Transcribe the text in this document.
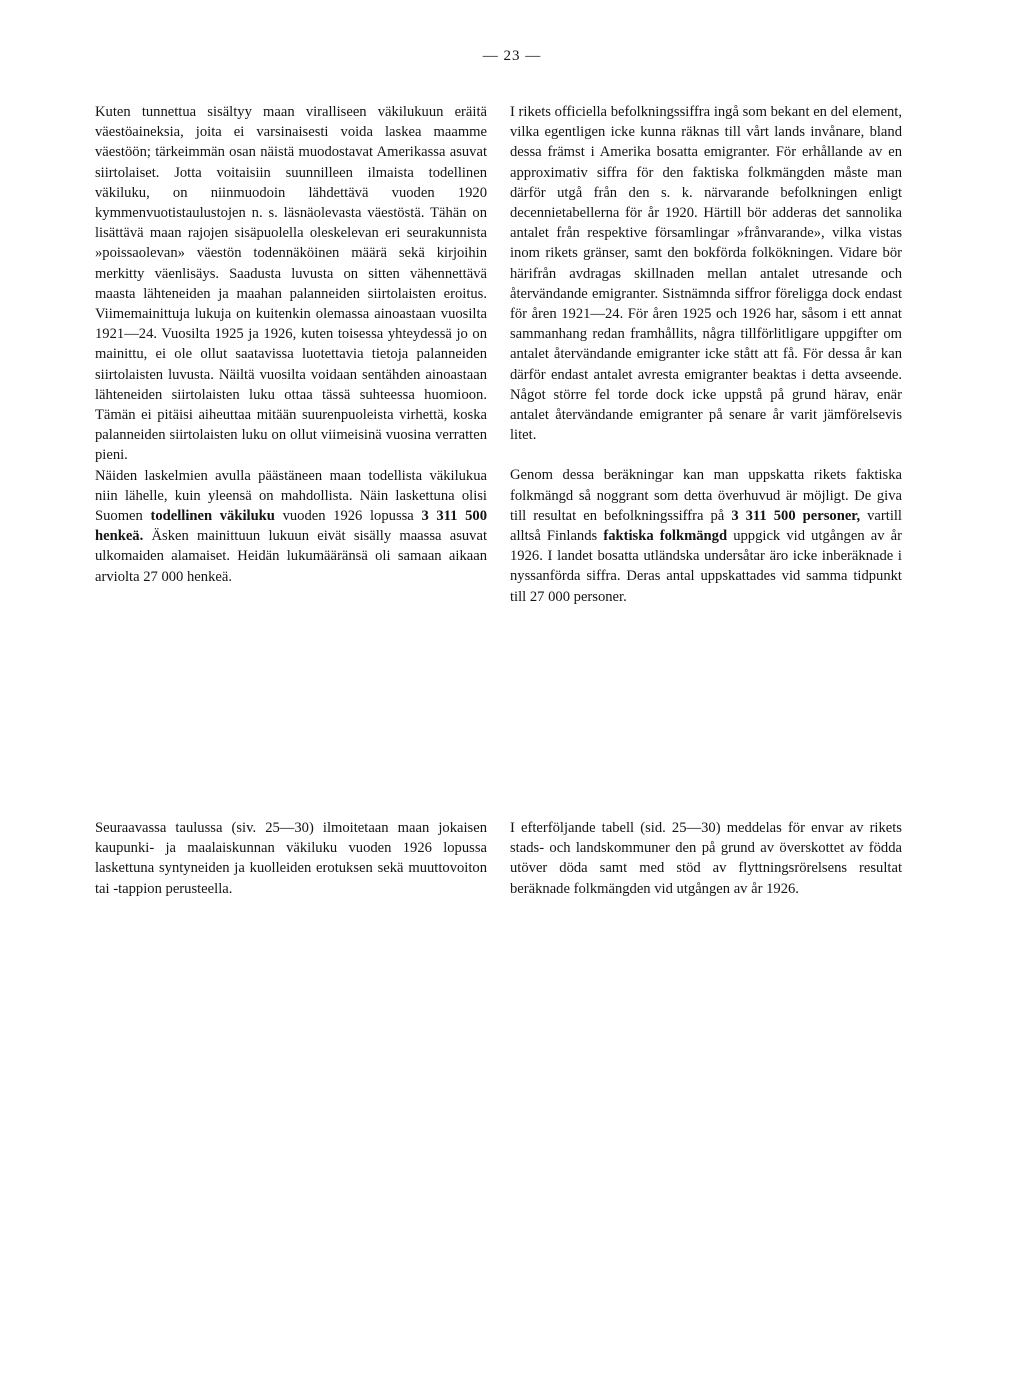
— 23 —

Kuten tunnettua sisältyy maan viralliseen väkilukuun eräitä väestöaineksia, joita ei varsinaisesti voida laskea maamme väestöön; tärkeimmän osan näistä muodostavat Amerikassa asuvat siirtolaiset. Jotta voitaisiin suunnilleen ilmaista todellinen väkiluku, on niinmuodoin lähdettävä vuoden 1920 kymmenvuotistaulustojen n. s. läsnäolevasta väestöstä. Tähän on lisättävä maan rajojen sisäpuolella oleskelevan eri seurakunnista »poissaolevan» väestön todennäköinen määrä sekä kirjoihin merkitty väenlisäys. Saadusta luvusta on sitten vähennettävä maasta lähteneiden ja maahan palanneiden siirtolaisten eroitus. Viimemainittuja lukuja on kuitenkin olemassa ainoastaan vuosilta 1921—24. Vuosilta 1925 ja 1926, kuten toisessa yhteydessä jo on mainittu, ei ole ollut saatavissa luotettavia tietoja palanneiden siirtolaisten luvusta. Näiltä vuosilta voidaan sentähden ainoastaan lähteneiden siirtolaisten luku ottaa tässä suhteessa huomioon. Tämän ei pitäisi aiheuttaa mitään suurenpuoleista virhettä, koska palanneiden siirtolaisten luku on ollut viimeisinä vuosina verratten pieni.

Näiden laskelmien avulla päästäneen maan todellista väkilukua niin lähelle, kuin yleensä on mahdollista. Näin laskettuna olisi Suomen todellinen väkiluku vuoden 1926 lopussa 3 311 500 henkeä. Äsken mainittuun lukuun eivät sisälly maassa asuvat ulkomaiden alamaiset. Heidän lukumääränsä oli samaan aikaan arviolta 27 000 henkeä.

I rikets officiella befolkningssiffra ingå som bekant en del element, vilka egentligen icke kunna räknas till vårt lands invånare, bland dessa främst i Amerika bosatta emigranter. För erhållande av en approximativ siffra för den faktiska folkmängden måste man därför utgå från den s. k. närvarande befolkningen enligt decennietabellerna för år 1920. Härtill bör adderas det sannolika antalet från respektive församlingar »frånvarande», vilka vistas inom rikets gränser, samt den bokförda folkökningen. Vidare bör härifrån avdragas skillnaden mellan antalet utresande och återvändande emigranter. Sistnämnda siffror föreligga dock endast för åren 1921—24. För åren 1925 och 1926 har, såsom i ett annat sammanhang redan framhållits, några tillförlitligare uppgifter om antalet återvändande emigranter icke stått att få. För dessa år kan därför endast antalet avresta emigranter beaktas i detta avseende. Något större fel torde dock icke uppstå på grund härav, enär antalet återvändande emigranter på senare år varit jämförelsevis litet.

Genom dessa beräkningar kan man uppskatta rikets faktiska folkmängd så noggrant som detta överhuvud är möjligt. De giva till resultat en befolkningssiffra på 3 311 500 personer, vartill alltså Finlands faktiska folkmängd uppgick vid utgången av år 1926. I landet bosatta utländska undersåtar äro icke inberäknade i nyssanförda siffra. Deras antal uppskattades vid samma tidpunkt till 27 000 personer.

Seuraavassa taulussa (siv. 25—30) ilmoitetaan maan jokaisen kaupunki- ja maalaiskunnan väkiluku vuoden 1926 lopussa laskettuna syntyneiden ja kuolleiden erotuksen sekä muuttovoiton tai -tappion perusteella.

I efterföljande tabell (sid. 25—30) meddelas för envar av rikets stads- och landskommuner den på grund av överskottet av födda utöver döda samt med stöd av flyttningsrörelsens resultat beräknade folkmängden vid utgången av år 1926.
